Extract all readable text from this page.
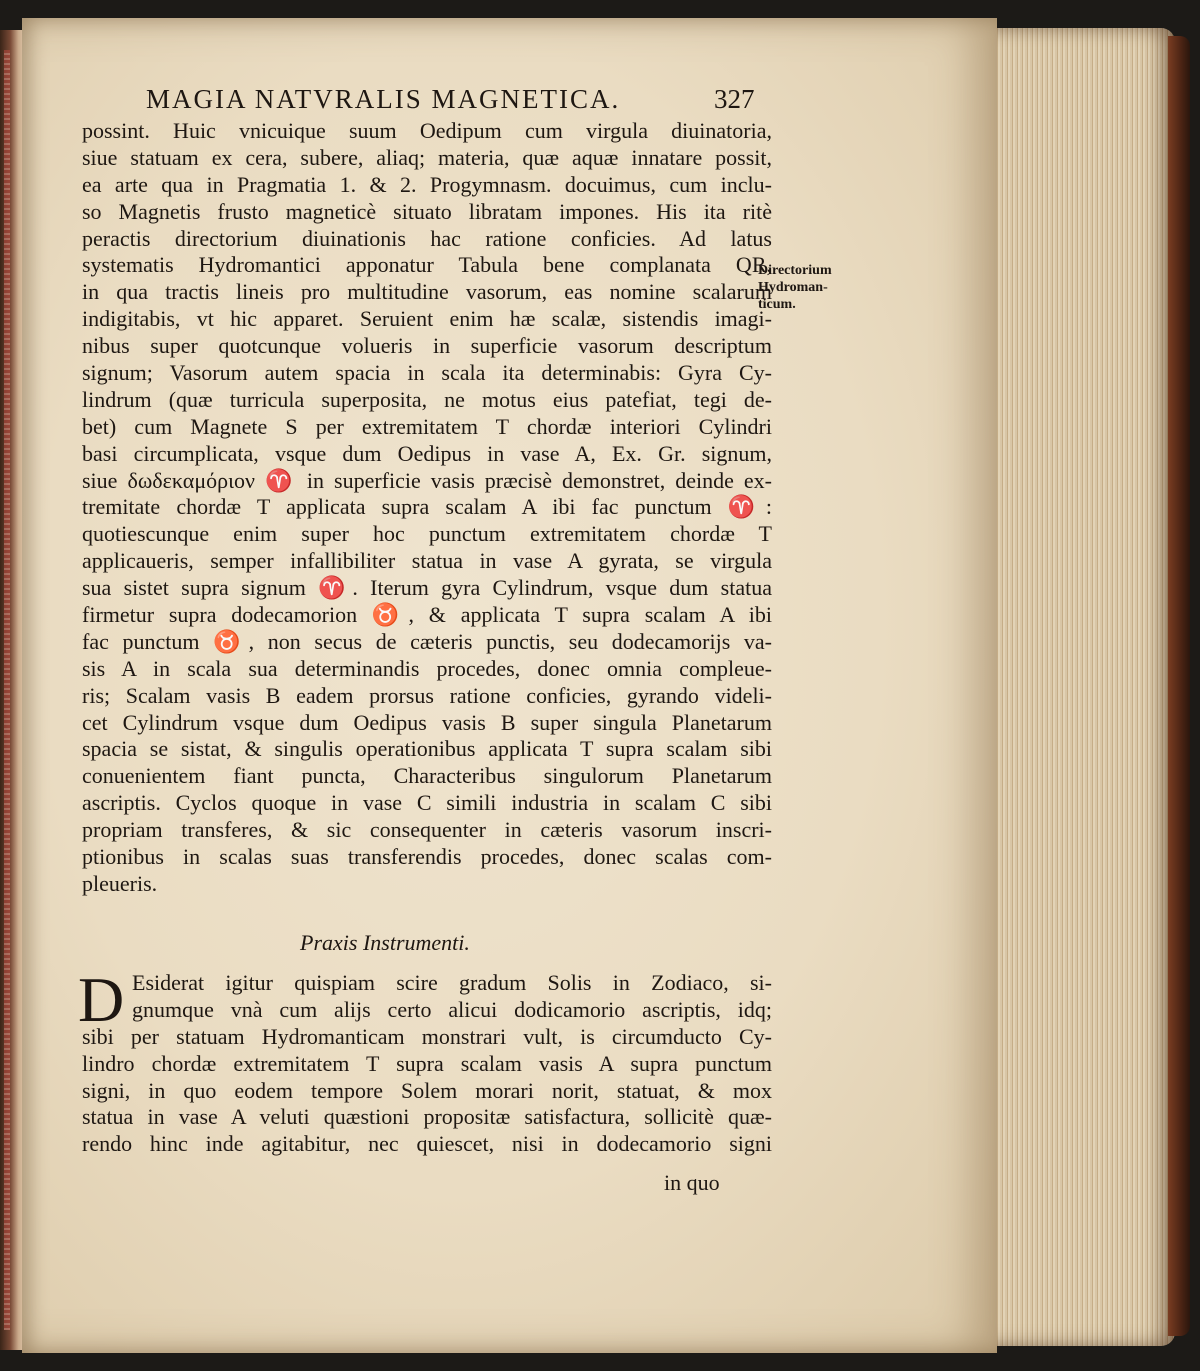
MAGIA NATVRALIS MAGNETICA.	327
possint. Huic vnicuique suum Oedipum cum virgula diuinatoria,
siue statuam ex cera, subere, aliaq; materia, quæ aquæ innatare possit,
ea arte qua in Pragmatia 1. & 2. Progymnasm. docuimus, cum inclu-
so Magnetis frusto magneticè situato libratam impones. His ita ritè
peractis directorium diuinationis hac ratione conficies. Ad latus
systematis Hydromantici apponatur Tabula bene complanata QR,
in qua tractis lineis pro multitudine vasorum, eas nomine scalarum
indigitabis, vt hic apparet. Seruient enim hæ scalæ, sistendis imagi-
nibus super quotcunque volueris in superficie vasorum descriptum
signum; Vasorum autem spacia in scala ita determinabis: Gyra Cy-
lindrum (quæ turricula superposita, ne motus eius patefiat, tegi de-
bet) cum Magnete S per extremitatem T chordæ interiori Cylindri
basi circumplicata, vsque dum Oedipus in vase A, Ex. Gr. signum,
siue δωδεκαμόριον ♈ in superficie vasis præcisè demonstret, deinde ex-
tremitate chordæ T applicata supra scalam A ibi fac punctum ♈:
quotiescunque enim super hoc punctum extremitatem chordæ T
applicaueris, semper infallibiliter statua in vase A gyrata, se virgula
sua sistet supra signum ♈. Iterum gyra Cylindrum, vsque dum statua
firmetur supra dodecamorion ♉, & applicata T supra scalam A ibi
fac punctum ♉, non secus de cæteris punctis, seu dodecamorijs va-
sis A in scala sua determinandis procedes, donec omnia compleue-
ris; Scalam vasis B eadem prorsus ratione conficies, gyrando videli-
cet Cylindrum vsque dum Oedipus vasis B super singula Planetarum
spacia se sistat, & singulis operationibus applicata T supra scalam sibi
conuenientem fiant puncta, Characteribus singulorum Planetarum
ascriptis. Cyclos quoque in vase C simili industria in scalam C sibi
propriam transferes, & sic consequenter in cæteris vasorum inscri-
ptionibus in scalas suas transferendis procedes, donec scalas com-
pleueris.
Directorium
Hydroman-
ticum.
Praxis Instrumenti.
D Esiderat igitur quispiam scire gradum Solis in Zodiaco, si-
gnumque vnà cum alijs certo alicui dodicamorio ascriptis, idq;
sibi per statuam Hydromanticam monstrari vult, is circumducto Cy-
lindro chordæ extremitatem T supra scalam vasis A supra punctum
signi, in quo eodem tempore Solem morari norit, statuat, & mox
statua in vase A veluti quæstioni propositæ satisfactura, sollicitè quæ-
rendo hinc inde agitabitur, nec quiescet, nisi in dodecamorio signi
in quo
